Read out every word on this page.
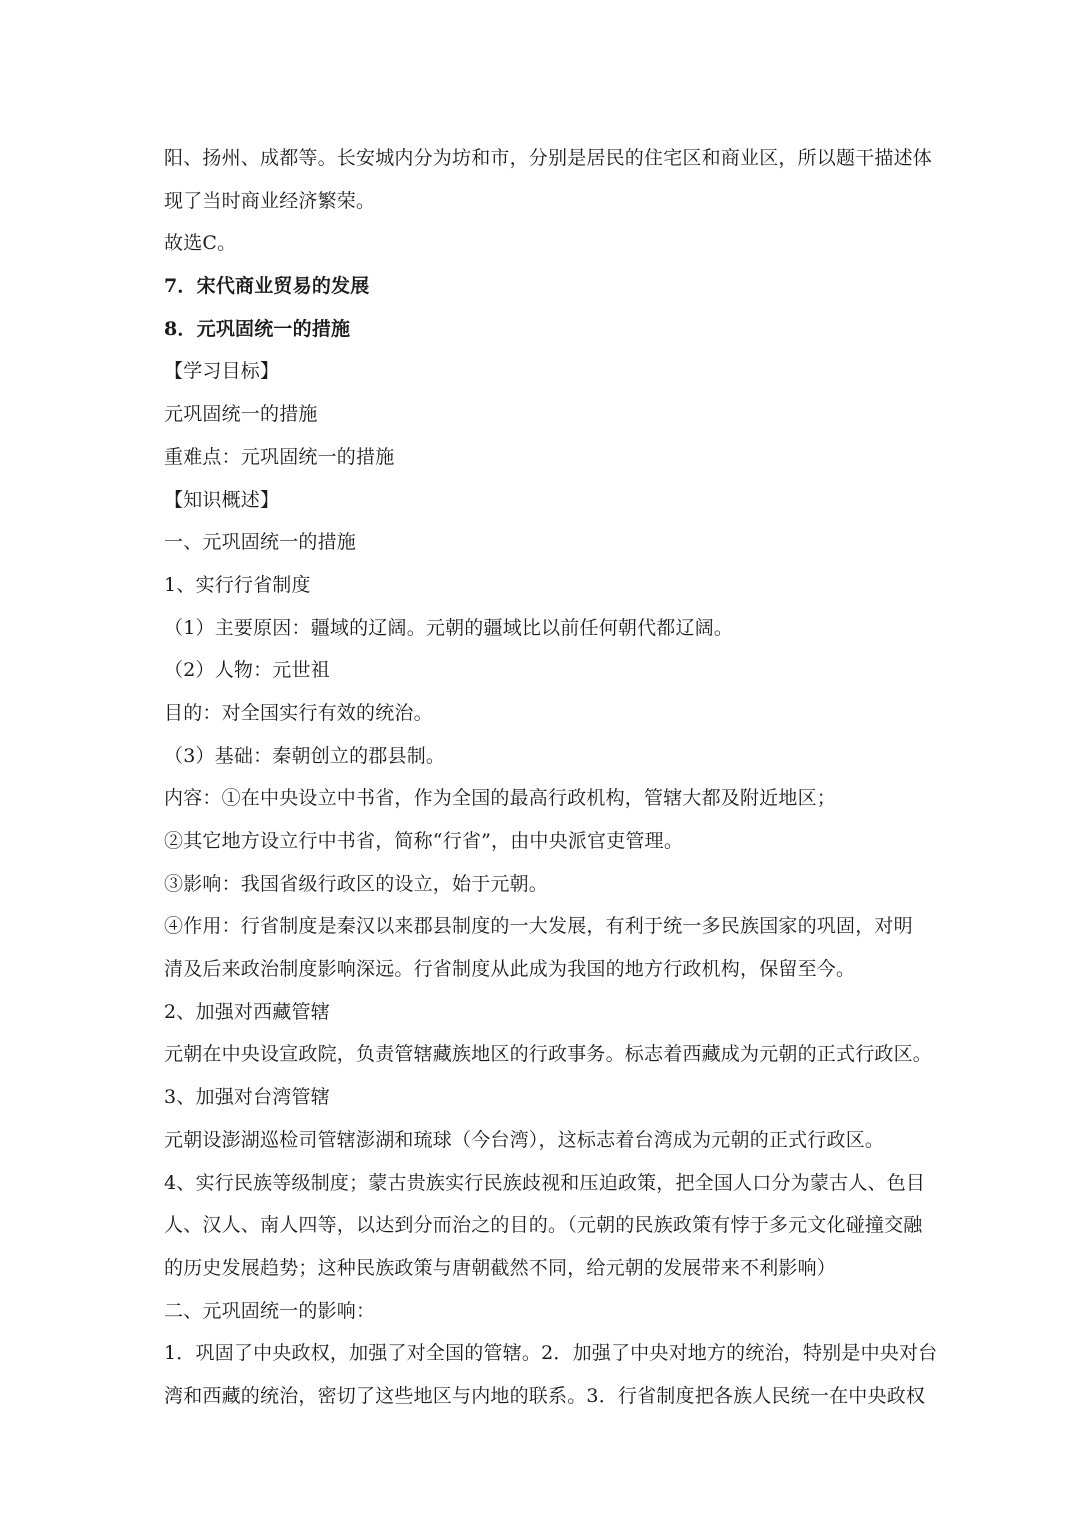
阳、扬州、成都等。长安城内分为坊和市，分别是居民的住宅区和商业区，所以题干描述体
现了当时商业经济繁荣。
故选C。
7．宋代商业贸易的发展
8．元巩固统一的措施
【学习目标】
元巩固统一的措施
重难点：元巩固统一的措施
【知识概述】
一、元巩固统一的措施
1、实行行省制度
（1）主要原因：疆域的辽阔。元朝的疆域比以前任何朝代都辽阔。
（2）人物：元世祖
目的：对全国实行有效的统治。
（3）基础：秦朝创立的郡县制。
内容：①在中央设立中书省，作为全国的最高行政机构，管辖大都及附近地区；
②其它地方设立行中书省，简称“行省”，由中央派官吏管理。
③影响：我国省级行政区的设立，始于元朝。
④作用：行省制度是秦汉以来郡县制度的一大发展，有利于统一多民族国家的巩固，对明
清及后来政治制度影响深远。行省制度从此成为我国的地方行政机构，保留至今。
2、加强对西藏管辖
元朝在中央设宣政院，负责管辖藏族地区的行政事务。标志着西藏成为元朝的正式行政区。
3、加强对台湾管辖
元朝设澎湖巡检司管辖澎湖和琉球（今台湾），这标志着台湾成为元朝的正式行政区。
4、实行民族等级制度；蒙古贵族实行民族歧视和压迫政策，把全国人口分为蒙古人、色目
人、汉人、南人四等，以达到分而治之的目的。（元朝的民族政策有悖于多元文化碰撞交融
的历史发展趋势；这种民族政策与唐朝截然不同，给元朝的发展带来不利影响）
二、元巩固统一的影响：
1．巩固了中央政权，加强了对全国的管辖。2．加强了中央对地方的统治，特别是中央对台
湾和西藏的统治，密切了这些地区与内地的联系。3．行省制度把各族人民统一在中央政权
